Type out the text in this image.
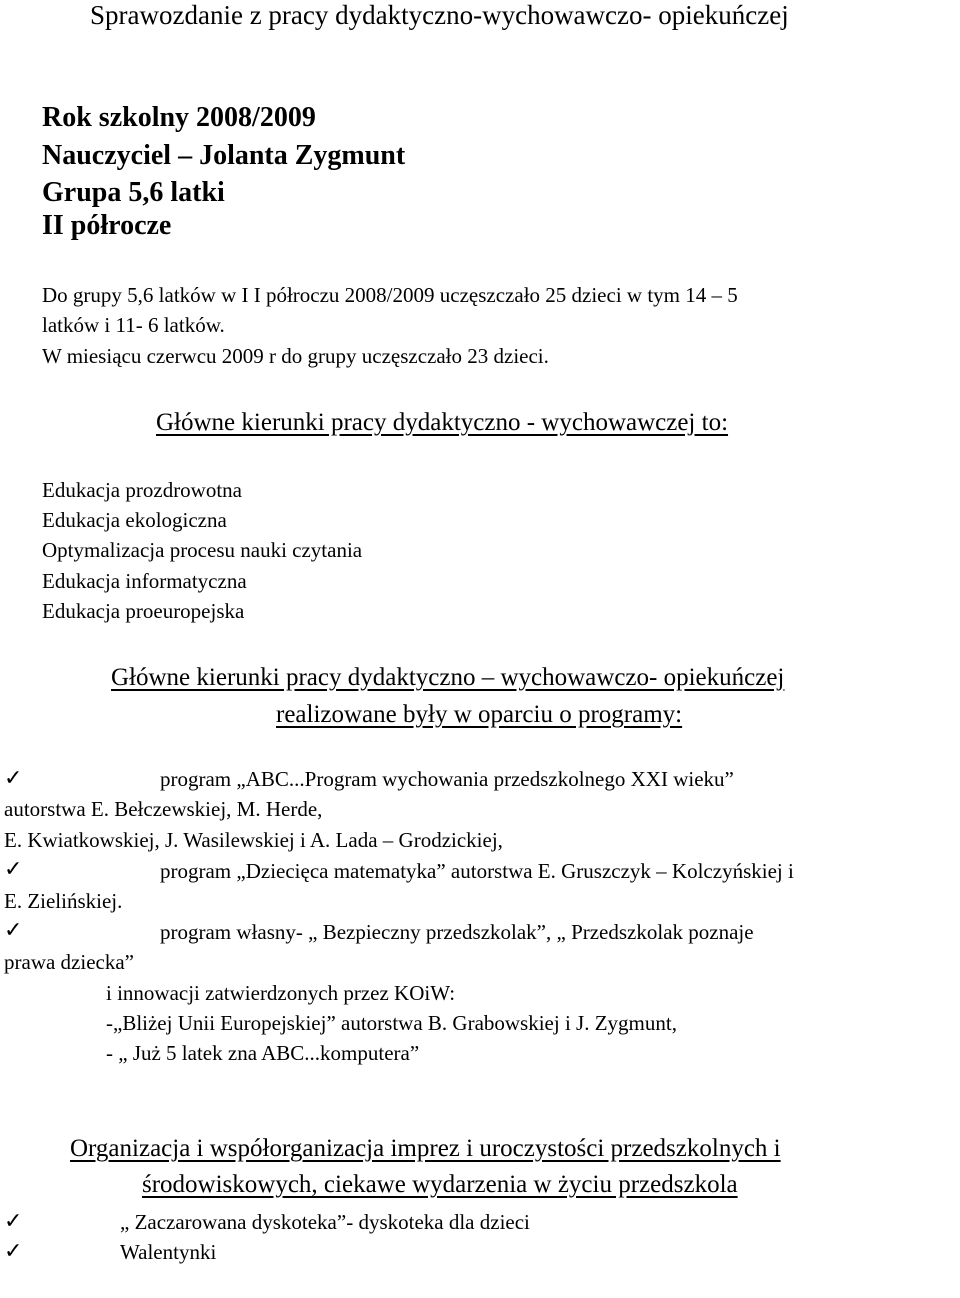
Sprawozdanie z pracy dydaktyczno-wychowawczo- opiekuńczej
Rok szkolny 2008/2009
Nauczyciel – Jolanta Zygmunt
Grupa 5,6 latki
II półrocze
Do grupy 5,6 latków w I I półroczu 2008/2009 uczęszczało 25 dzieci w tym 14 – 5
latków i 11- 6 latków.
W miesiącu czerwcu 2009 r do grupy uczęszczało 23 dzieci.
Główne kierunki pracy dydaktyczno - wychowawczej to:
Edukacja prozdrowotna
Edukacja ekologiczna
Optymalizacja procesu nauki czytania
Edukacja informatyczna
Edukacja proeuropejska
Główne kierunki pracy dydaktyczno – wychowawczo- opiekuńczej
realizowane były w oparciu o programy:
✓	program „ABC...Program wychowania przedszkolnego XXI wieku”
autorstwa E. Bełczewskiej, M. Herde,
E. Kwiatkowskiej, J. Wasilewskiej i A. Lada – Grodzickiej,
✓	program „Dziecięca matematyka” autorstwa E. Gruszczyk – Kolczyńskiej i
E. Zielińskiej.
✓	program własny- „ Bezpieczny przedszkolak”, „ Przedszkolak poznaje
prawa dziecka”
i innowacji zatwierdzonych przez KOiW:
-„Bliżej Unii Europejskiej” autorstwa B. Grabowskiej i J. Zygmunt,
- „ Już 5 latek zna ABC...komputera”
Organizacja i współorganizacja imprez i uroczystości przedszkolnych i
środowiskowych, ciekawe wydarzenia w życiu przedszkola
✓	„ Zaczarowana dyskoteka”- dyskoteka dla dzieci
✓	Walentynki
